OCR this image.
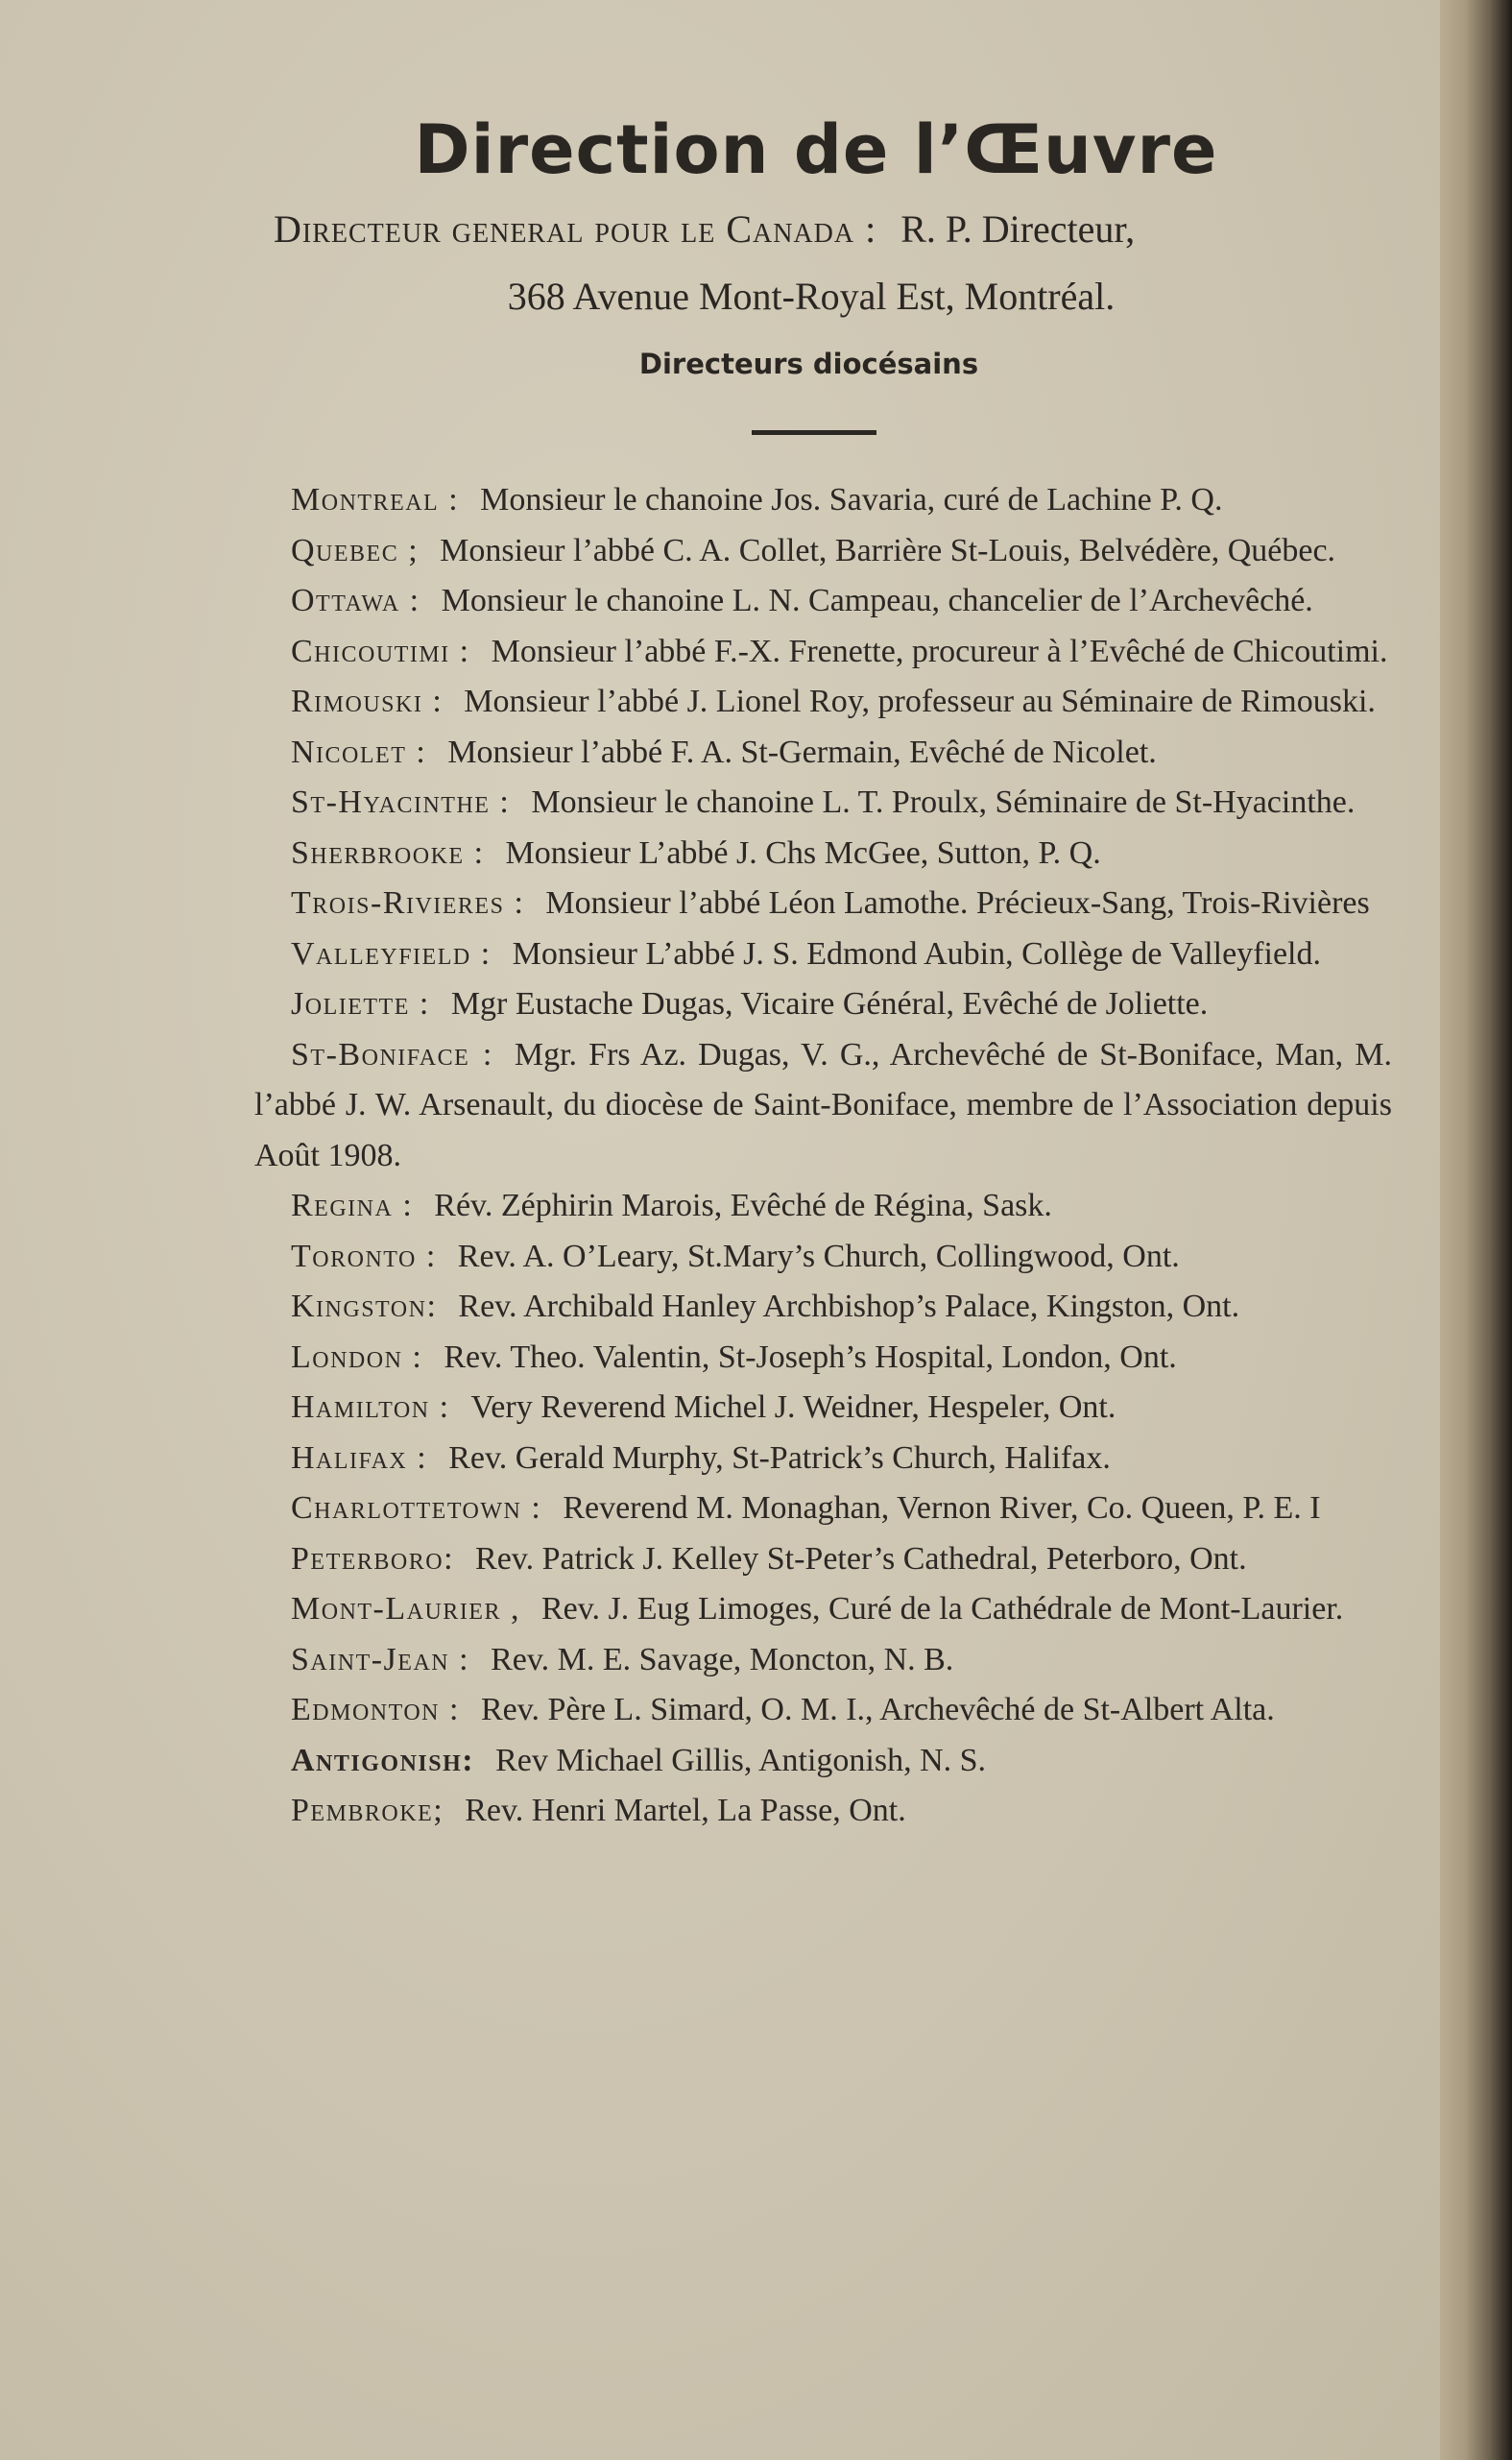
Direction de l’Œuvre
Directeur general pour le Canada : R. P. Directeur,
368 Avenue Mont-Royal Est, Montréal.
Directeurs diocésains

Montreal : Monsieur le chanoine Jos. Savaria, curé de Lachine P. Q.

Quebec ; Monsieur l’abbé C. A. Collet, Barrière St-Louis, Belvédère, Québec.

Ottawa : Monsieur le chanoine L. N. Campeau, chancelier de l’Archevêché.

Chicoutimi : Monsieur l’abbé F.-X. Frenette, procureur à l’Evêché de Chicoutimi.

Rimouski : Monsieur l’abbé J. Lionel Roy, professeur au Séminaire de Rimouski.

Nicolet : Monsieur l’abbé F. A. St-Germain, Evêché de Nicolet.

St-Hyacinthe : Monsieur le chanoine L. T. Proulx, Séminaire de St-Hyacinthe.

Sherbrooke : Monsieur L’abbé J. Chs McGee, Sutton, P. Q.

Trois-Rivieres : Monsieur l’abbé Léon Lamothe. Précieux-Sang, Trois-Rivières

Valleyfield : Monsieur L’abbé J. S. Edmond Aubin, Collège de Valleyfield.

Joliette : Mgr Eustache Dugas, Vicaire Général, Evêché de Joliette.

St-Boniface : Mgr. Frs Az. Dugas, V. G., Archevêché de St-Boniface, Man, M. l’abbé J. W. Arsenault, du diocèse de Saint-Boniface, membre de l’Association depuis Août 1908.

Regina : Rév. Zéphirin Marois, Evêché de Régina, Sask.

Toronto : Rev. A. O’Leary, St.Mary’s Church, Collingwood, Ont.

Kingston: Rev. Archibald Hanley Archbishop’s Palace, Kingston, Ont.

London : Rev. Theo. Valentin, St-Joseph’s Hospital, London, Ont.

Hamilton : Very Reverend Michel J. Weidner, Hespeler, Ont.

Halifax : Rev. Gerald Murphy, St-Patrick’s Church, Halifax.

Charlottetown : Reverend M. Monaghan, Vernon River, Co. Queen, P. E. I

Peterboro: Rev. Patrick J. Kelley St-Peter’s Cathedral, Peterboro, Ont.

Mont-Laurier , Rev. J. Eug Limoges, Curé de la Cathédrale de Mont-Laurier.

Saint-Jean : Rev. M. E. Savage, Moncton, N. B.

Edmonton : Rev. Père L. Simard, O. M. I., Archevêché de St-Albert Alta.

Antigonish: Rev Michael Gillis, Antigonish, N. S.

Pembroke; Rev. Henri Martel, La Passe, Ont.
